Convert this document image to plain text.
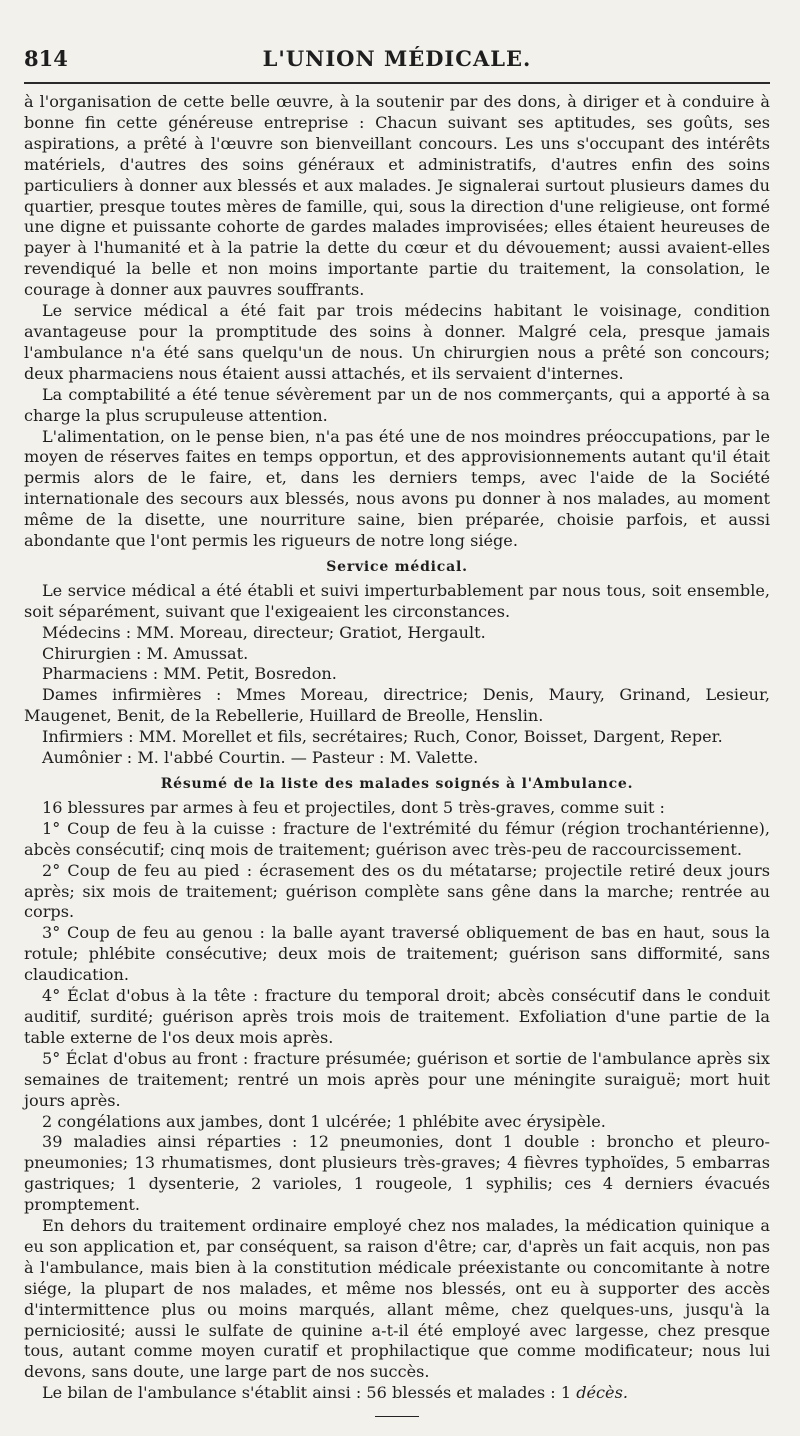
814	L'UNION MÉDICALE.

à l'organisation de cette belle œuvre, à la soutenir par des dons, à diriger et à conduire à bonne fin cette généreuse entreprise : Chacun suivant ses aptitudes, ses goûts, ses aspirations, a prêté à l'œuvre son bienveillant concours. Les uns s'occupant des intérêts matériels, d'autres des soins généraux et administratifs, d'autres enfin des soins particuliers à donner aux blessés et aux malades. Je signalerai surtout plusieurs dames du quartier, presque toutes mères de famille, qui, sous la direction d'une religieuse, ont formé une digne et puissante cohorte de gardes malades improvisées; elles étaient heureuses de payer à l'humanité et à la patrie la dette du cœur et du dévouement; aussi avaient-elles revendiqué la belle et non moins importante partie du traitement, la consolation, le courage à donner aux pauvres souffrants.

Le service médical a été fait par trois médecins habitant le voisinage, condition avantageuse pour la promptitude des soins à donner. Malgré cela, presque jamais l'ambulance n'a été sans quelqu'un de nous. Un chirurgien nous a prêté son concours; deux pharmaciens nous étaient aussi attachés, et ils servaient d'internes.

La comptabilité a été tenue sévèrement par un de nos commerçants, qui a apporté à sa charge la plus scrupuleuse attention.

L'alimentation, on le pense bien, n'a pas été une de nos moindres préoccupations, par le moyen de réserves faites en temps opportun, et des approvisionnements autant qu'il était permis alors de le faire, et, dans les derniers temps, avec l'aide de la Société internationale des secours aux blessés, nous avons pu donner à nos malades, au moment même de la disette, une nourriture saine, bien préparée, choisie parfois, et aussi abondante que l'ont permis les rigueurs de notre long siége.

Service médical.

Le service médical a été établi et suivi imperturbablement par nous tous, soit ensemble, soit séparément, suivant que l'exigeaient les circonstances.

Médecins : MM. Moreau, directeur; Gratiot, Hergault.

Chirurgien : M. Amussat.

Pharmaciens : MM. Petit, Bosredon.

Dames infirmières : Mmes Moreau, directrice; Denis, Maury, Grinand, Lesieur, Maugenet, Benit, de la Rebellerie, Huillard de Breolle, Henslin.

Infirmiers : MM. Morellet et fils, secrétaires; Ruch, Conor, Boisset, Dargent, Reper.

Aumônier : M. l'abbé Courtin. — Pasteur : M. Valette.

Résumé de la liste des malades soignés à l'Ambulance.

16 blessures par armes à feu et projectiles, dont 5 très-graves, comme suit :

1° Coup de feu à la cuisse : fracture de l'extrémité du fémur (région trochantérienne), abcès consécutif; cinq mois de traitement; guérison avec très-peu de raccourcissement.

2° Coup de feu au pied : écrasement des os du métatarse; projectile retiré deux jours après; six mois de traitement; guérison complète sans gêne dans la marche; rentrée au corps.

3° Coup de feu au genou : la balle ayant traversé obliquement de bas en haut, sous la rotule; phlébite consécutive; deux mois de traitement; guérison sans difformité, sans claudication.

4° Éclat d'obus à la tête : fracture du temporal droit; abcès consécutif dans le conduit auditif, surdité; guérison après trois mois de traitement. Exfoliation d'une partie de la table externe de l'os deux mois après.

5° Éclat d'obus au front : fracture présumée; guérison et sortie de l'ambulance après six semaines de traitement; rentré un mois après pour une méningite suraiguë; mort huit jours après.

2 congélations aux jambes, dont 1 ulcérée; 1 phlébite avec érysipèle.

39 maladies ainsi réparties : 12 pneumonies, dont 1 double : broncho et pleuro-pneumonies; 13 rhumatismes, dont plusieurs très-graves; 4 fièvres typhoïdes, 5 embarras gastriques; 1 dysenterie, 2 varioles, 1 rougeole, 1 syphilis; ces 4 derniers évacués promptement.

En dehors du traitement ordinaire employé chez nos malades, la médication quinique a eu son application et, par conséquent, sa raison d'être; car, d'après un fait acquis, non pas à l'ambulance, mais bien à la constitution médicale préexistante ou concomitante à notre siége, la plupart de nos malades, et même nos blessés, ont eu à supporter des accès d'intermittence plus ou moins marqués, allant même, chez quelques-uns, jusqu'à la perniciosité; aussi le sulfate de quinine a-t-il été employé avec largesse, chez presque tous, autant comme moyen curatif et prophilactique que comme modificateur; nous lui devons, sans doute, une large part de nos succès.

Le bilan de l'ambulance s'établit ainsi : 56 blessés et malades : 1 décès.
